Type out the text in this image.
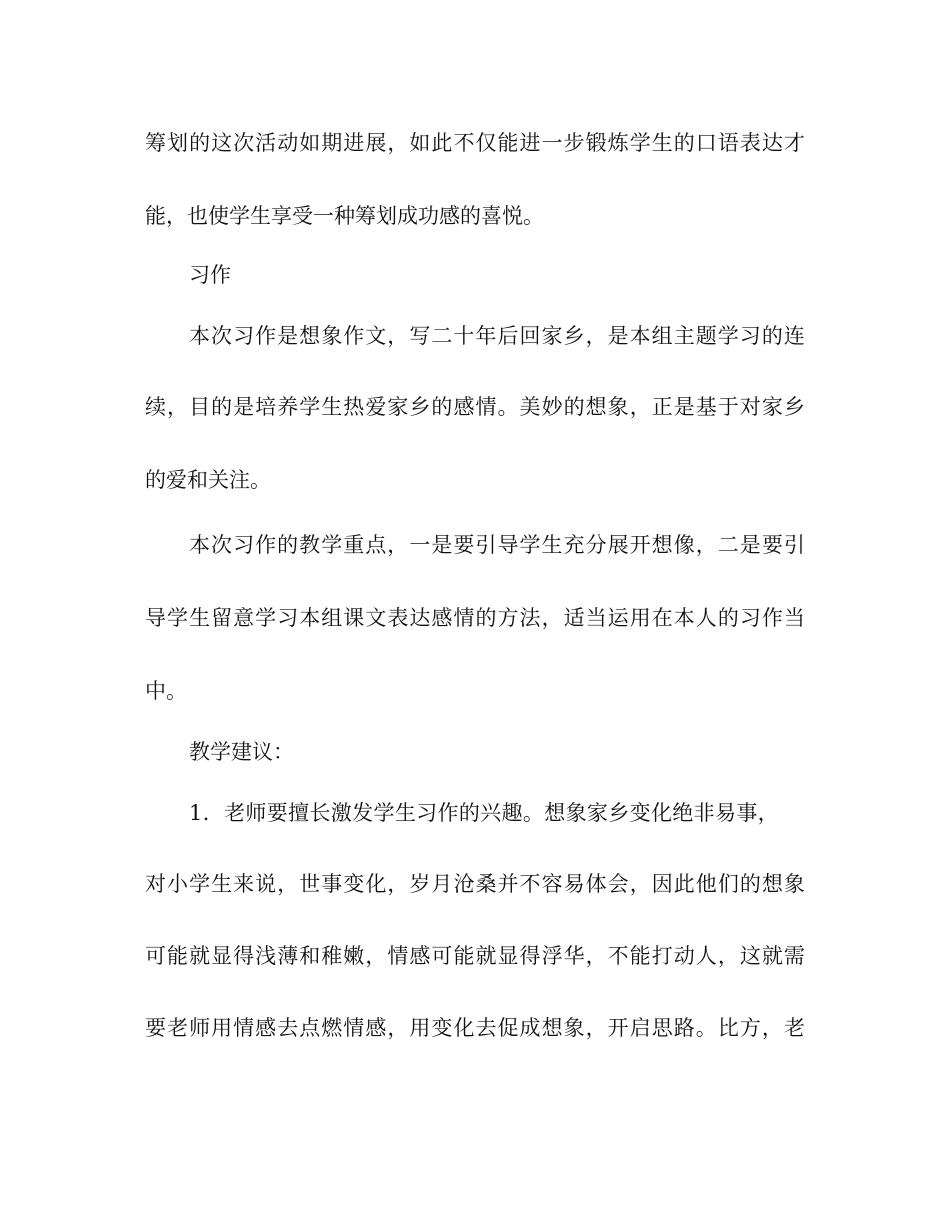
筹 划 的 这 次 活 动 如 期 进 展 ， 如 此 不 仅 能 进 一 步 锻 炼 学 生 的 口 语 表 达 才
能，也使学生享受一种筹划成功感的喜悦。
习作
本 次 习 作 是 想 象 作 文 ， 写 二 十 年 后 回 家 乡 ， 是 本 组 主 题 学 习 的 连
续 ， 目 的 是 培 养 学 生 热 爱 家 乡 的 感 情 。 美 妙 的 想 象 ， 正 是 基 于 对 家 乡
的爱和关注。
本 次 习 作 的 教 学 重 点 ， 一 是 要 引 导 学 生 充 分 展 开 想 像 ， 二 是 要 引
导 学 生 留 意 学 习 本 组 课 文 表 达 感 情 的 方 法 ， 适 当 运 用 在 本 人 的 习 作 当
中。
教学建议：
1 ． 老 师 要 擅 长 激 发 学 生 习 作 的 兴 趣 。 想 象 家 乡 变 化 绝 非 易 事 ，
对 小 学 生 来 说 ， 世 事 变 化 ， 岁 月 沧 桑 并 不 容 易 体 会 ， 因 此 他 们 的 想 象
可 能 就 显 得 浅 薄 和 稚 嫩 ， 情 感 可 能 就 显 得 浮 华 ， 不 能 打 动 人 ， 这 就 需
要 老 师 用 情 感 去 点 燃 情 感 ， 用 变 化 去 促 成 想 象 ， 开 启 思 路 。 比 方 ， 老
